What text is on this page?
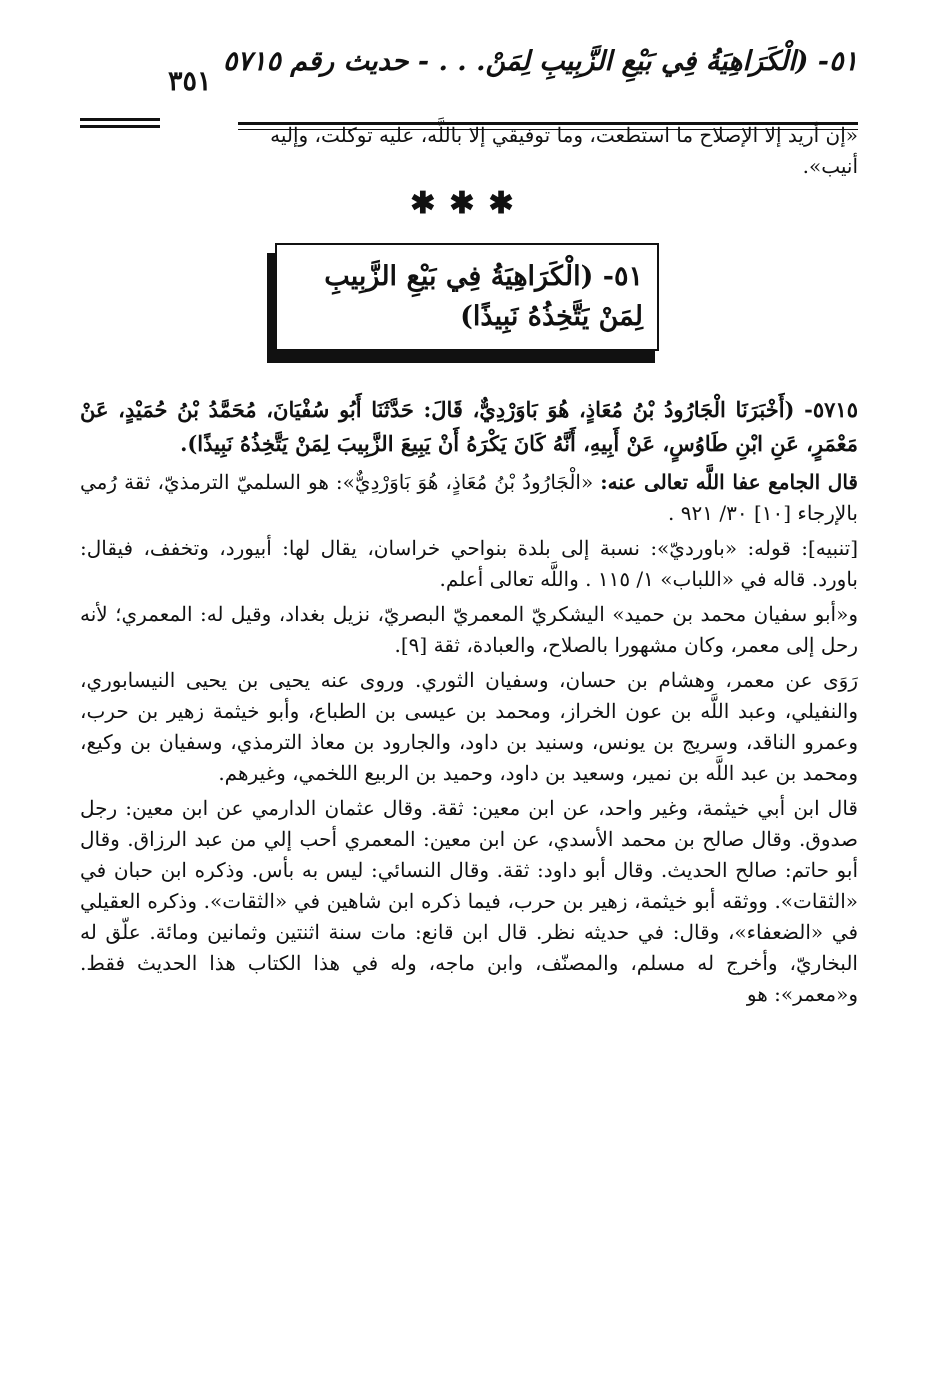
٥١- (الْكَرَاهِيَةُ فِي بَيْعِ الزَّبِيبِ لِمَنْ. . . - حديث رقم ٥٧١٥
٣٥١

«إن أريد إلا الإصلاح ما استطعت، وما توفيقي إلا باللَّه، عليه توكلت، وإليه
أنيب».

✱✱✱
٥١- (الْكَرَاهِيَةُ فِي بَيْعِ الزَّبِيبِ لِمَنْ يَتَّخِذُهُ نَبِيذًا)

٥٧١٥- (أَخْبَرَنَا الْجَارُودُ بْنُ مُعَاذٍ، هُوَ بَاوَرْدِيٌّ، قَالَ: حَدَّثَنَا أَبُو سُفْيَانَ، مُحَمَّدُ بْنُ حُمَيْدٍ، عَنْ مَعْمَرٍ، عَنِ ابْنِ طَاوُسٍ، عَنْ أَبِيهِ، أَنَّهُ كَانَ يَكْرَهُ أَنْ يَبِيعَ الزَّبِيبَ لِمَنْ يَتَّخِذُهُ نَبِيذًا).

قال الجامع عفا اللَّه تعالى عنه: «الْجَارُودُ بْنُ مُعَاذٍ، هُوَ بَاوَرْدِيٌّ»: هو السلميّ الترمذيّ، ثقة رُمي بالإرجاء [١٠] ٣٠/ ٩٢١ .

[تنبيه]: قوله: «باورديّ»: نسبة إلى بلدة بنواحي خراسان، يقال لها: أبيورد، وتخفف، فيقال: باورد. قاله في «اللباب» ١/ ١١٥ . واللَّه تعالى أعلم.

و«أبو سفيان محمد بن حميد» اليشكريّ المعمريّ البصريّ، نزيل بغداد، وقيل له: المعمري؛ لأنه رحل إلى معمر، وكان مشهورا بالصلاح، والعبادة، ثقة [٩].

رَوَى عن معمر، وهشام بن حسان، وسفيان الثوري. وروى عنه يحيى بن يحيى النيسابوري، والنفيلي، وعبد اللَّه بن عون الخراز، ومحمد بن عيسى بن الطباع، وأبو خيثمة زهير بن حرب، وعمرو الناقد، وسريج بن يونس، وسنيد بن داود، والجارود بن معاذ الترمذي، وسفيان بن وكيع، ومحمد بن عبد اللَّه بن نمير، وسعيد بن داود، وحميد بن الربيع اللخمي، وغيرهم.

قال ابن أبي خيثمة، وغير واحد، عن ابن معين: ثقة. وقال عثمان الدارمي عن ابن معين: رجل صدوق. وقال صالح بن محمد الأسدي، عن ابن معين: المعمري أحب إلي من عبد الرزاق. وقال أبو حاتم: صالح الحديث. وقال أبو داود: ثقة. وقال النسائي: ليس به بأس. وذكره ابن حبان في «الثقات». ووثقه أبو خيثمة، زهير بن حرب، فيما ذكره ابن شاهين في «الثقات». وذكره العقيلي في «الضعفاء»، وقال: في حديثه نظر. قال ابن قانع: مات سنة اثنتين وثمانين ومائة. علّق له البخاريّ، وأخرج له مسلم، والمصنّف، وابن ماجه، وله في هذا الكتاب هذا الحديث فقط. و«معمر»: هو
